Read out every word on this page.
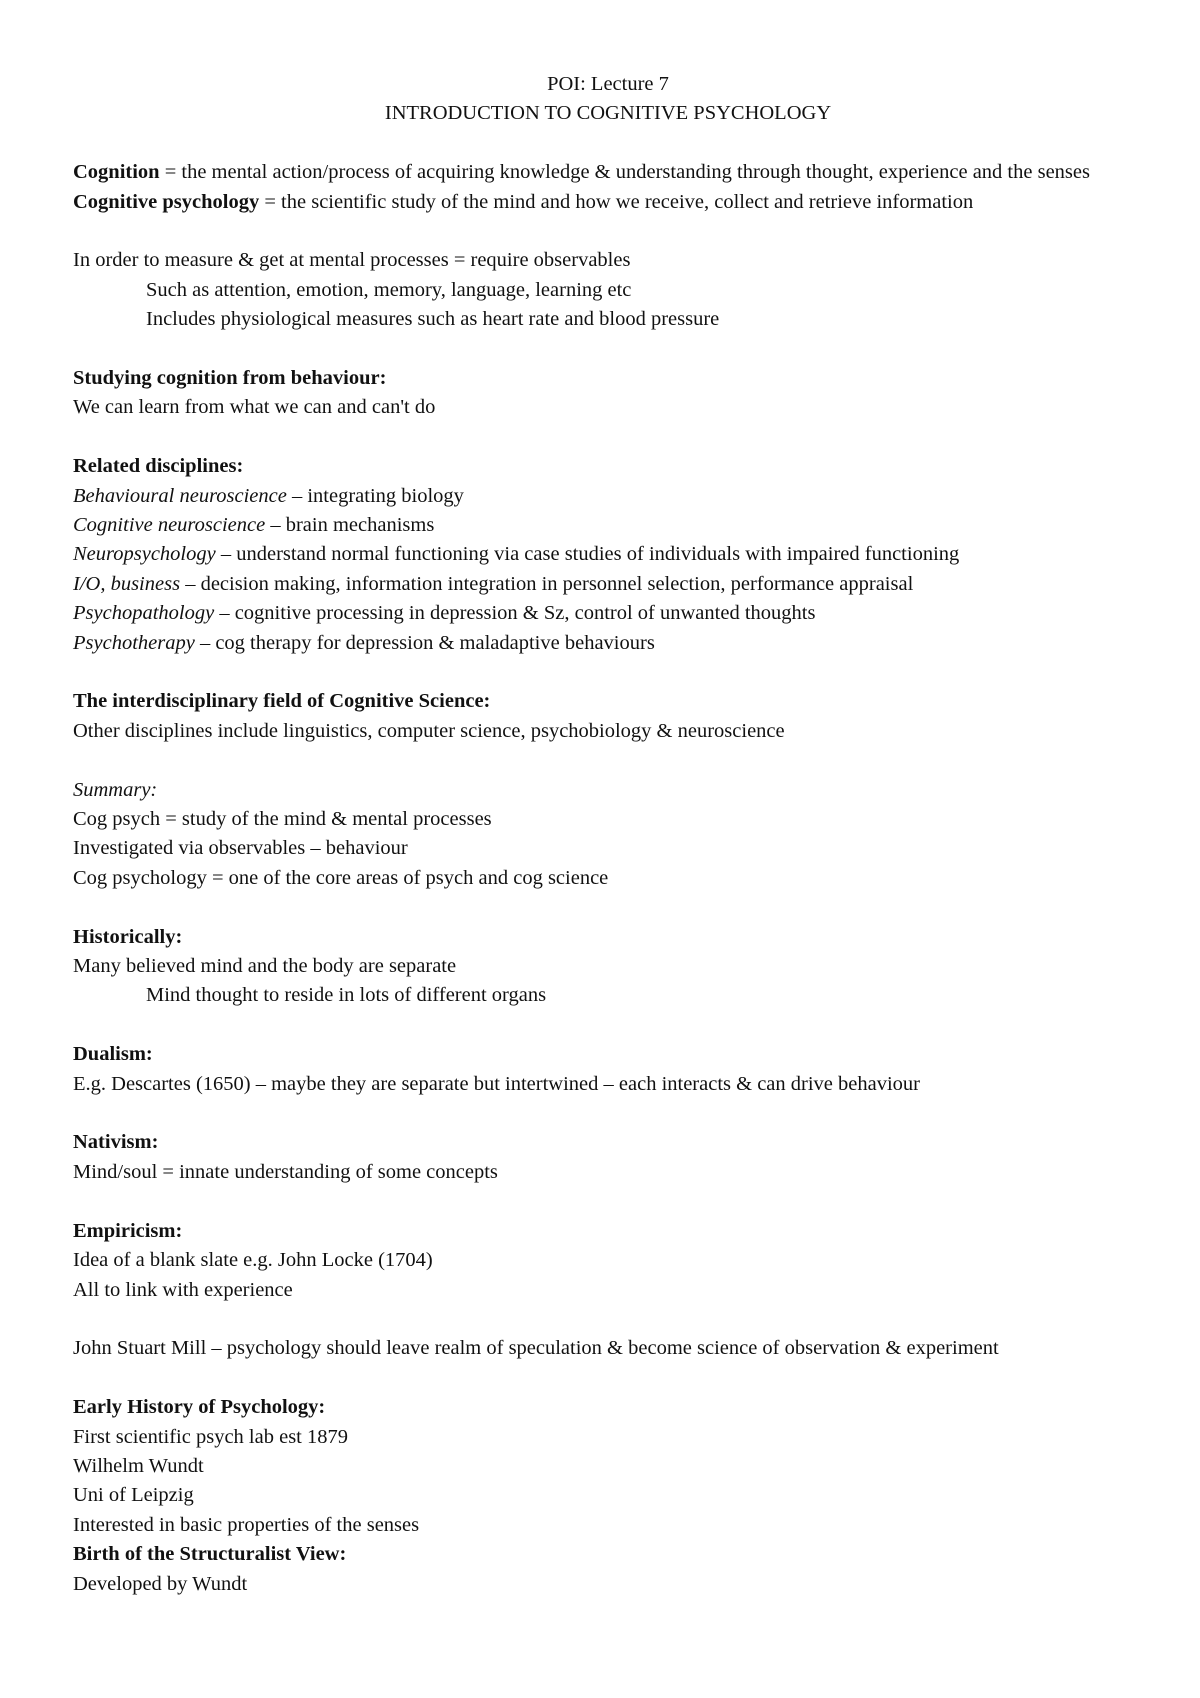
POI: Lecture 7
INTRODUCTION TO COGNITIVE PSYCHOLOGY
Cognition = the mental action/process of acquiring knowledge & understanding through thought, experience and the senses
Cognitive psychology = the scientific study of the mind and how we receive, collect and retrieve information
In order to measure & get at mental processes = require observables
Such as attention, emotion, memory, language, learning etc
Includes physiological measures such as heart rate and blood pressure
Studying cognition from behaviour:
We can learn from what we can and can't do
Related disciplines:
Behavioural neuroscience – integrating biology
Cognitive neuroscience – brain mechanisms
Neuropsychology – understand normal functioning via case studies of individuals with impaired functioning
I/O, business – decision making, information integration in personnel selection, performance appraisal
Psychopathology – cognitive processing in depression & Sz, control of unwanted thoughts
Psychotherapy – cog therapy for depression & maladaptive behaviours
The interdisciplinary field of Cognitive Science:
Other disciplines include linguistics, computer science, psychobiology & neuroscience
Summary:
Cog psych = study of the mind & mental processes
Investigated via observables – behaviour
Cog psychology = one of the core areas of psych and cog science
Historically:
Many believed mind and the body are separate
Mind thought to reside in lots of different organs
Dualism:
E.g. Descartes (1650) – maybe they are separate but intertwined – each interacts & can drive behaviour
Nativism:
Mind/soul = innate understanding of some concepts
Empiricism:
Idea of a blank slate e.g. John Locke (1704)
All to link with experience
John Stuart Mill – psychology should leave realm of speculation & become science of observation & experiment
Early History of Psychology:
First scientific psych lab est 1879
Wilhelm Wundt
Uni of Leipzig
Interested in basic properties of the senses
Birth of the Structuralist View:
Developed by Wundt
